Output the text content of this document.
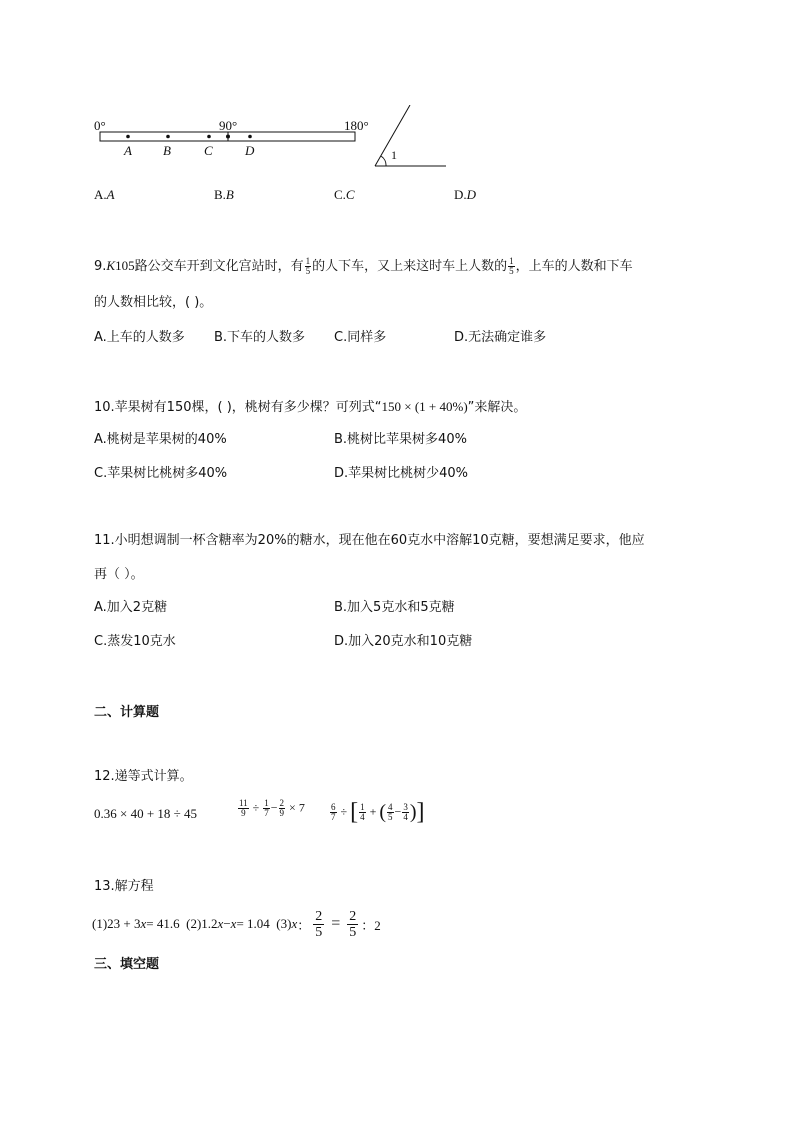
0°	90°	180°
A B	C D	1
A.A	B.B	C.C	D.D
9.K105路公交车开到文化宫站时，有 $\frac{1}{5}$ 的人下车，又上来这时车上人数的 $\frac{1}{5}$ ，上车的人数和下车
的人数相比较，( )。
A.上车的人数多 B.下车的人数多 C.同样多	D.无法确定谁多
10.苹果树有150棵，( )，桃树有多少棵？可列式“150 × (1 + 40%)”来解决。
A.桃树是苹果树的40%	B.桃树比苹果树多40%
C.苹果树比桃树多40%	D.苹果树比桃树少40%
11.小明想调制一杯含糖率为20%的糖水，现在他在60克水中溶解10克糖，要想满足要求，他应
再（ ）。
A.加入2克糖	B.加入5克水和5克糖
C.蒸发10克水	D.加入20克水和10克糖
二、计算题
12.递等式计算。
0.36 × 40 + 18 ÷ 45	$\frac{11}{9} \div \frac{1}{7} - \frac{2}{9} \times 7$	$\frac{6}{7}$ ÷ [ $\frac{1}{4}$ + ( $\frac{4}{5} - \frac{3}{4}$ )]
13.解方程
(1)23 + 3 x = 41.6 (2)1.2 x − x = 1.04 (3) x ： $\frac{2}{5} = \frac{2}{5}$ ：2
三、填空题
